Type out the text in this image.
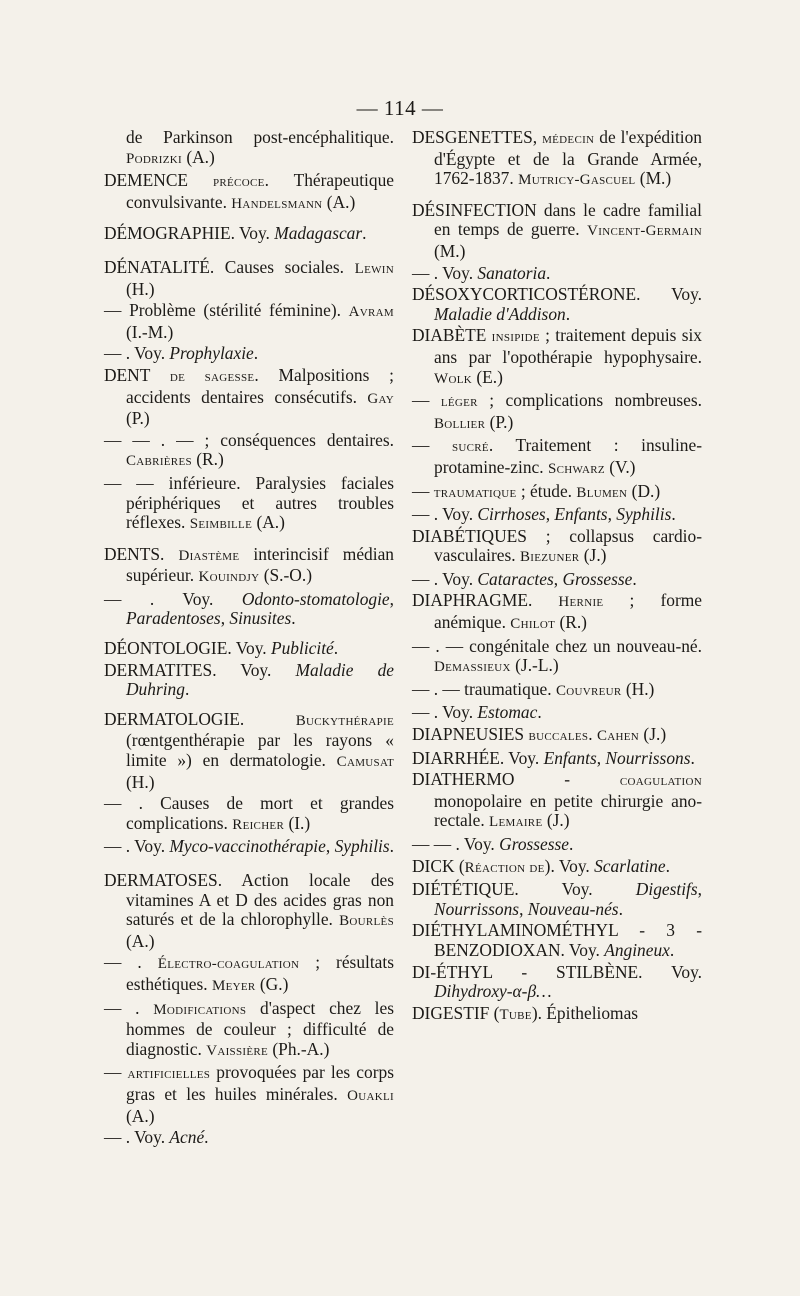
— 114 —

de Parkinson post-encéphalitique. Podrizki (A.)

DEMENCE précoce. Thérapeutique convulsivante. Handelsmann (A.)

DÉMOGRAPHIE. Voy. Madagascar.

DÉNATALITÉ. Causes sociales. Lewin (H.)

— Problème (stérilité féminine). Avram (I.-M.)

— . Voy. Prophylaxie.

DENT de sagesse. Malpositions ; accidents dentaires consécutifs. Gay (P.)

— — . — ; conséquences dentaires. Cabrières (R.)

— — inférieure. Paralysies faciales périphériques et autres troubles réflexes. Seimbille (A.)

DENTS. Diastème interincisif médian supérieur. Kouindjy (S.-O.)

— . Voy. Odonto-stomatologie, Paradentoses, Sinusites.

DÉONTOLOGIE. Voy. Publicité.

DERMATITES. Voy. Maladie de Duhring.

DERMATOLOGIE. Buckythérapie (rœntgenthérapie par les rayons « limite ») en dermatologie. Camusat (H.)

— . Causes de mort et grandes complications. Reicher (I.)

— . Voy. Myco-vaccinothérapie, Syphilis.

DERMATOSES. Action locale des vitamines A et D des acides gras non saturés et de la chlorophylle. Bourlès (A.)

— . Électro-coagulation ; résultats esthétiques. Meyer (G.)

— . Modifications d'aspect chez les hommes de couleur ; difficulté de diagnostic. Vaissière (Ph.-A.)

— artificielles provoquées par les corps gras et les huiles minérales. Ouakli (A.)

— . Voy. Acné.

DESGENETTES, médecin de l'expédition d'Égypte et de la Grande Armée, 1762-1837. Mutricy-Gascuel (M.)

DÉSINFECTION dans le cadre familial en temps de guerre. Vincent-Germain (M.)

— . Voy. Sanatoria.

DÉSOXYCORTICOSTÉRONE. Voy. Maladie d'Addison.

DIABÈTE insipide ; traitement depuis six ans par l'opothérapie hypophysaire. Wolk (E.)

— léger ; complications nombreuses. Bollier (P.)

— sucré. Traitement : insuline-protamine-zinc. Schwarz (V.)

— traumatique ; étude. Blumen (D.)

— . Voy. Cirrhoses, Enfants, Syphilis.

DIABÉTIQUES ; collapsus cardio-vasculaires. Biezuner (J.)

— . Voy. Cataractes, Grossesse.

DIAPHRAGME. Hernie ; forme anémique. Chilot (R.)

— . — congénitale chez un nouveau-né. Demassieux (J.-L.)

— . — traumatique. Couvreur (H.)

— . Voy. Estomac.

DIAPNEUSIES buccales. Cahen (J.)

DIARRHÉE. Voy. Enfants, Nourrissons.

DIATHERMO - coagulation monopolaire en petite chirurgie ano-rectale. Lemaire (J.)

— — . Voy. Grossesse.

DICK (Réaction de). Voy. Scarlatine.

DIÉTÉTIQUE. Voy. Digestifs, Nourrissons, Nouveau-nés.

DIÉTHYLAMINOMÉTHYL - 3 - BENZODIOXAN. Voy. Angineux.

DI-ÉTHYL - STILBÈNE. Voy. Dihydroxy-α-β…

DIGESTIF (Tube). Épitheliomas
